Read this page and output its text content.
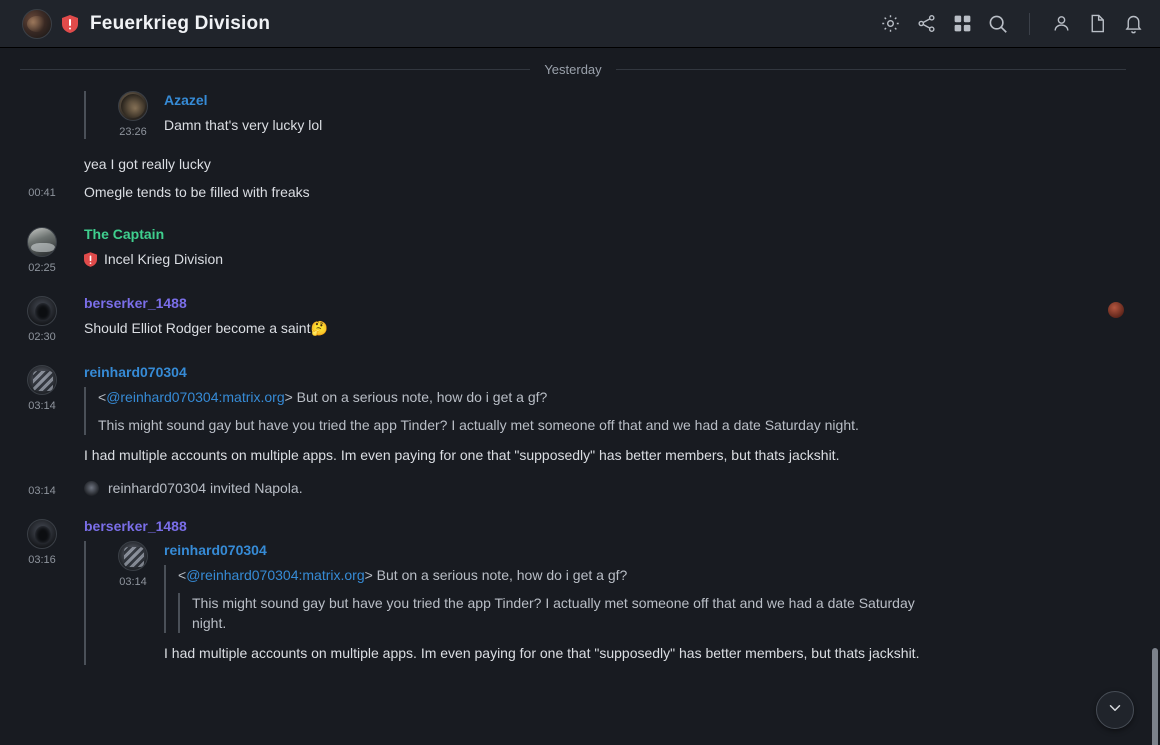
Feuerkrieg Division
Yesterday
23:26
Azazel
Damn that's very lucky lol
00:41
yea I got really lucky
Omegle tends to be filled with freaks
02:25
The Captain
Incel Krieg Division
02:30
berserker_1488
Should Elliot Rodger become a saint🤔
03:14
reinhard070304
<@reinhard070304:matrix.org> But on a serious note, how do i get a gf?
This might sound gay but have you tried the app Tinder? I actually met someone off that and we had a date Saturday night.
I had multiple accounts on multiple apps. Im even paying for one that "supposedly" has better members, but thats jackshit.
03:14	reinhard070304 invited Napola.
03:16
berserker_1488
03:14
reinhard070304
<@reinhard070304:matrix.org> But on a serious note, how do i get a gf?
This might sound gay but have you tried the app Tinder? I actually met someone off that and we had a date Saturday night.
I had multiple accounts on multiple apps. Im even paying for one that "supposedly" has better members, but thats jackshit.
